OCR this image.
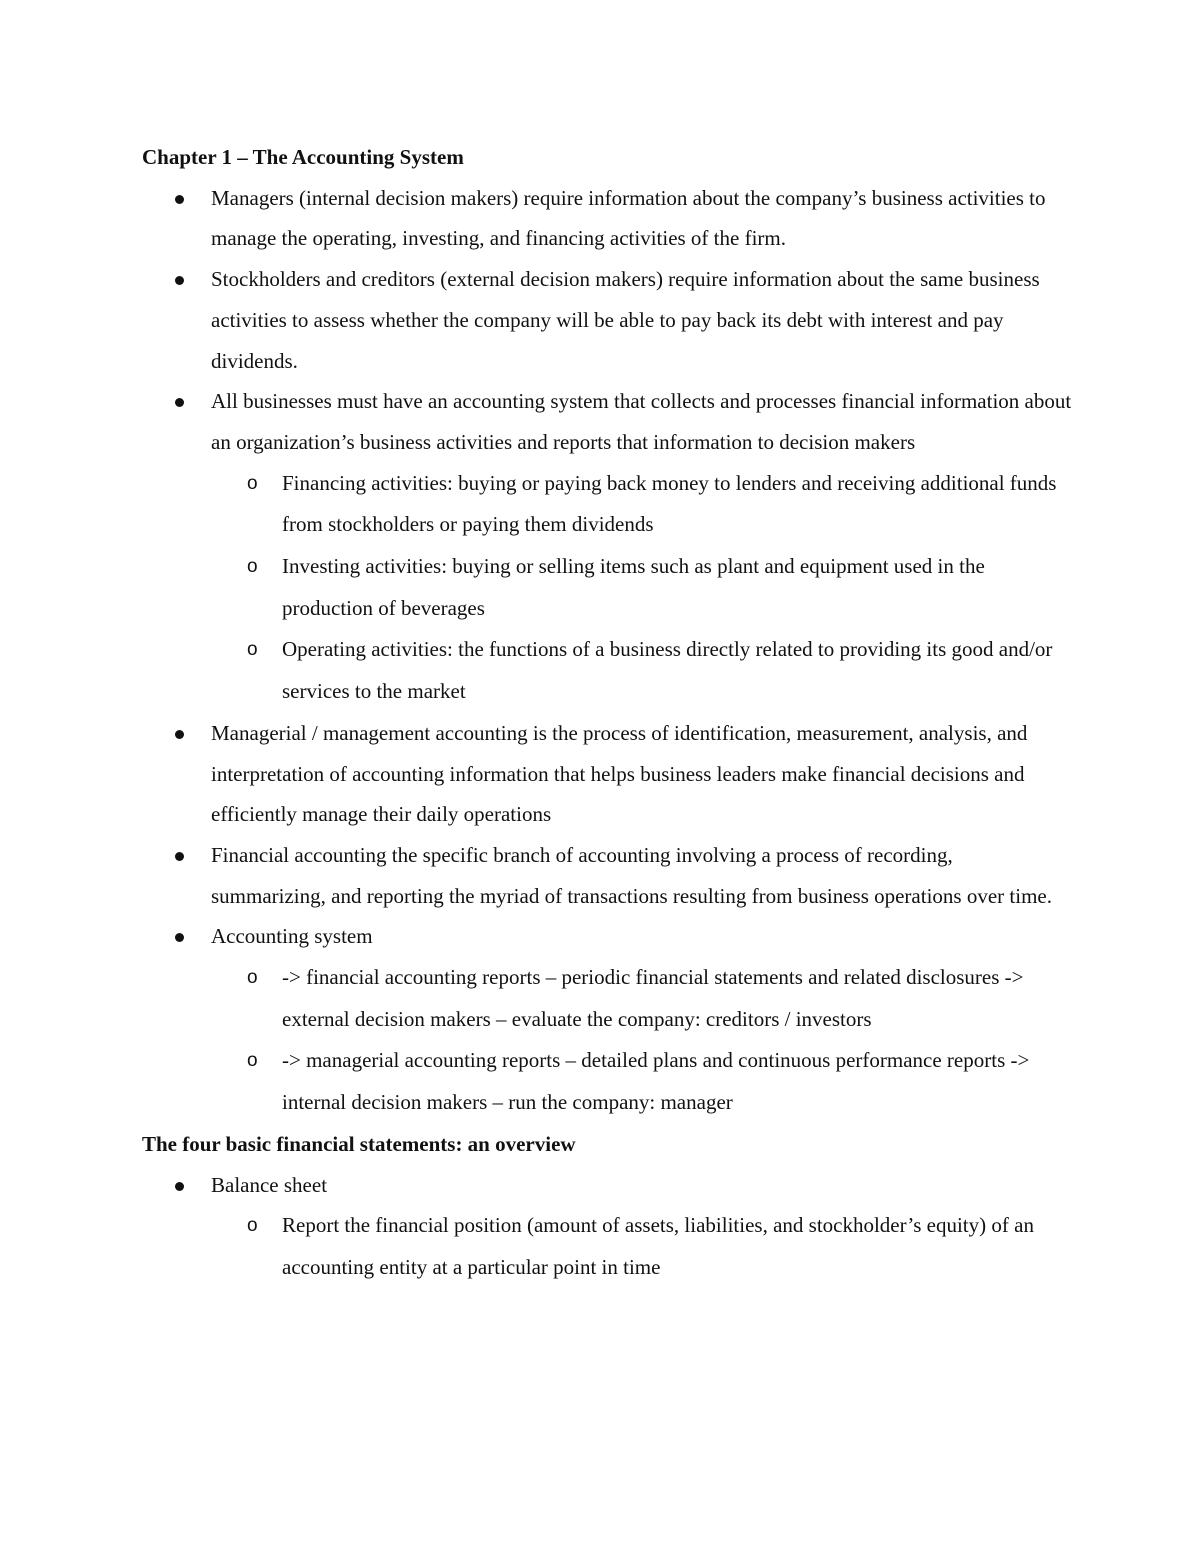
Chapter 1 – The Accounting System
Managers (internal decision makers) require information about the company’s business activities to manage the operating, investing, and financing activities of the firm.
Stockholders and creditors (external decision makers) require information about the same business activities to assess whether the company will be able to pay back its debt with interest and pay dividends.
All businesses must have an accounting system that collects and processes financial information about an organization’s business activities and reports that information to decision makers
o Financing activities: buying or paying back money to lenders and receiving additional funds from stockholders or paying them dividends
o Investing activities: buying or selling items such as plant and equipment used in the production of beverages
o Operating activities: the functions of a business directly related to providing its good and/or services to the market
Managerial / management accounting is the process of identification, measurement, analysis, and interpretation of accounting information that helps business leaders make financial decisions and efficiently manage their daily operations
Financial accounting the specific branch of accounting involving a process of recording, summarizing, and reporting the myriad of transactions resulting from business operations over time.
Accounting system
o -> financial accounting reports – periodic financial statements and related disclosures -> external decision makers – evaluate the company: creditors / investors
o -> managerial accounting reports – detailed plans and continuous performance reports -> internal decision makers – run the company: manager
The four basic financial statements: an overview
Balance sheet
o Report the financial position (amount of assets, liabilities, and stockholder’s equity) of an accounting entity at a particular point in time
